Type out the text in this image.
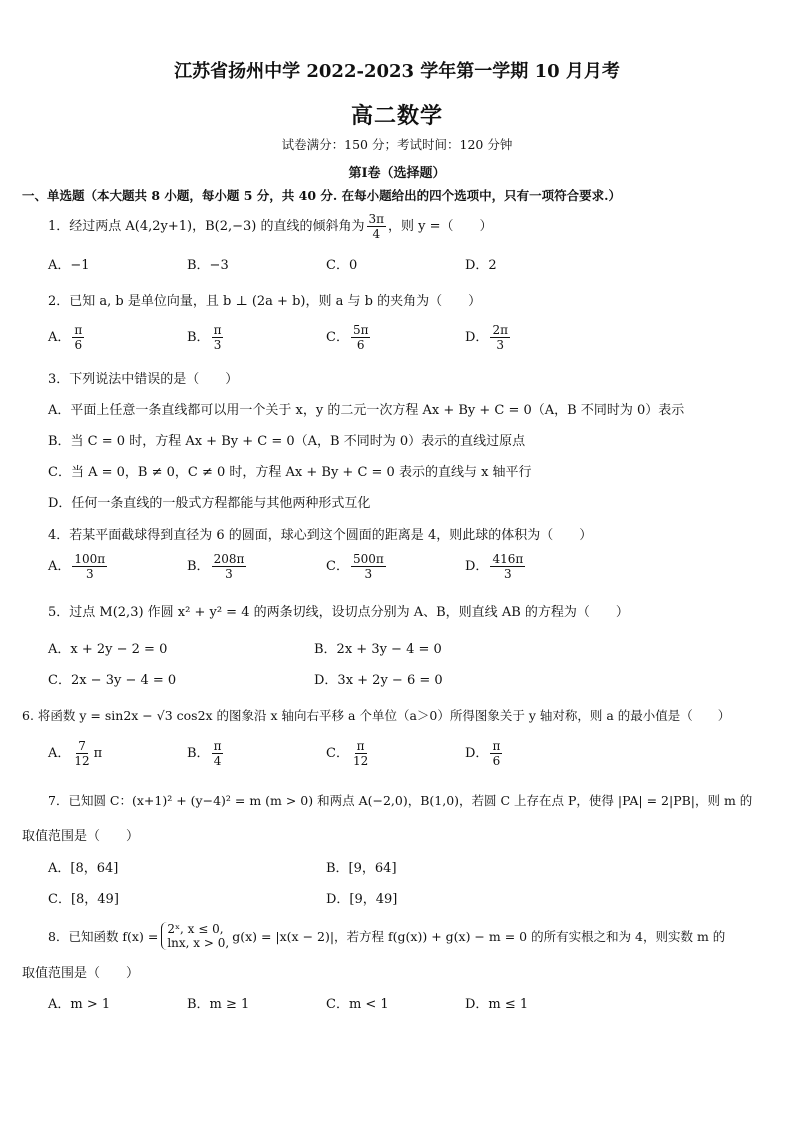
江苏省扬州中学 2022-2023 学年第一学期 10 月月考
高二数学
试卷满分：150 分；考试时间：120 分钟
第Ⅰ卷（选择题）
一、单选题（本大题共 8 小题，每小题 5 分，共 40 分. 在每小题给出的四个选项中，只有一项符合要求.）
1．经过两点 A(4,2y+1)，B(2,−3) 的直线的倾斜角为 $\frac{3\pi}{4}$ ，则 y =（　　）
A．−1	B．−3	C．0	D．2
2．已知 a, b 是单位向量，且 b ⊥ (2a + b)，则 a 与 b 的夹角为（　　）
A． $\frac{\pi}{6}$	B． $\frac{\pi}{3}$	C． $\frac{5\pi}{6}$	D． $\frac{2\pi}{3}$
3．下列说法中错误的是（　　）
A．平面上任意一条直线都可以用一个关于 x，y 的二元一次方程 Ax + By + C = 0（A，B 不同时为 0）表示
B．当 C = 0 时，方程 Ax + By + C = 0（A，B 不同时为 0）表示的直线过原点
C．当 A = 0，B ≠ 0，C ≠ 0 时，方程 Ax + By + C = 0 表示的直线与 x 轴平行
D．任何一条直线的一般式方程都能与其他两种形式互化
4．若某平面截球得到直径为 6 的圆面，球心到这个圆面的距离是 4，则此球的体积为（　　）
A． $\frac{100\pi}{3}$	B． $\frac{208\pi}{3}$	C． $\frac{500\pi}{3}$	D． $\frac{416\pi}{3}$
5．过点 M(2,3) 作圆 x² + y² = 4 的两条切线，设切点分别为 A、B，则直线 AB 的方程为（　　）
A．x + 2y − 2 = 0	B．2x + 3y − 4 = 0
C．2x − 3y − 4 = 0	D．3x + 2y − 6 = 0
6. 将函数 y = sin2x − √3 cos2x 的图象沿 x 轴向右平移 a 个单位（a＞0）所得图象关于 y 轴对称，则 a 的最小值是（　　）
A． $\frac{7}{12}$ π	B． $\frac{\pi}{4}$	C． $\frac{\pi}{12}$	D． $\frac{\pi}{6}$
7．已知圆 C：(x+1)² + (y−4)² = m (m > 0) 和两点 A(−2,0)，B(1,0)，若圆 C 上存在点 P，使得 |PA| = 2|PB|，则 m 的
取值范围是（　　）
A．[8，64]	B．[9，64]
C．[8，49]	D．[9，49]
8．已知函数 f(x) = 2ˣ, x ≤ 0,
lnx, x > 0, g(x) = |x(x − 2)|，若方程 f(g(x)) + g(x) − m = 0 的所有实根之和为 4，则实数 m 的
取值范围是（　　）
A．m > 1	B．m ≥ 1	C．m < 1	D．m ≤ 1
